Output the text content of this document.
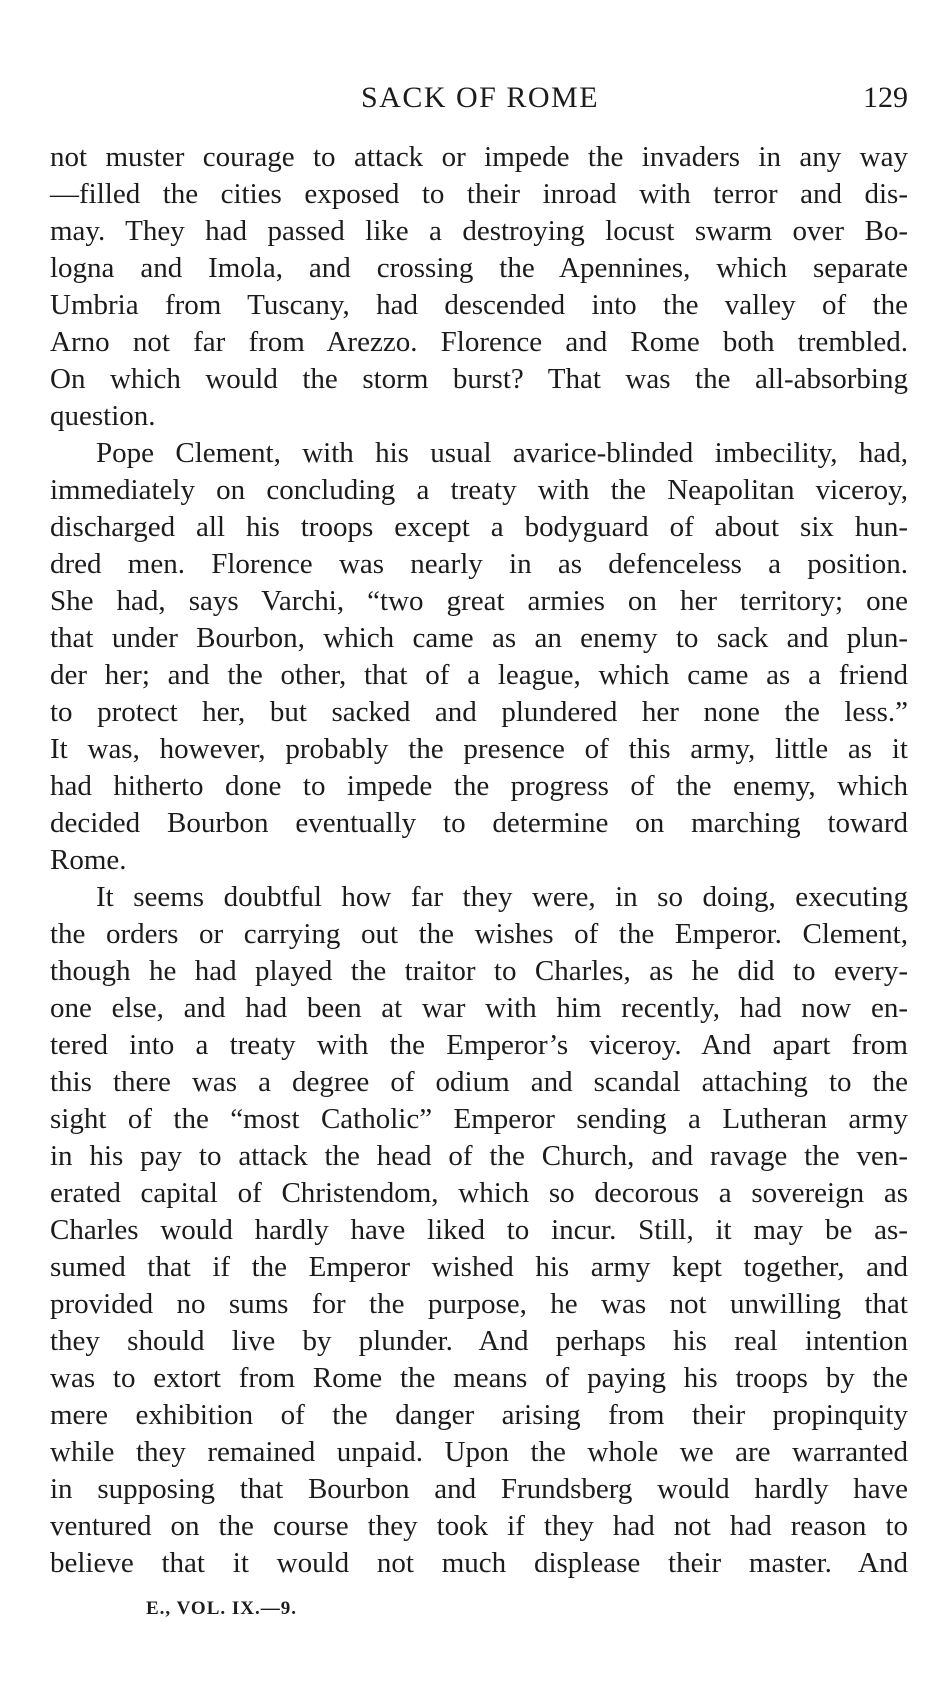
SACK OF ROME	129
not muster courage to attack or impede the invaders in any way
—filled the cities exposed to their inroad with terror and dis-
may. They had passed like a destroying locust swarm over Bo-
logna and Imola, and crossing the Apennines, which separate
Umbria from Tuscany, had descended into the valley of the
Arno not far from Arezzo. Florence and Rome both trembled.
On which would the storm burst? That was the all-absorbing
question.
Pope Clement, with his usual avarice-blinded imbecility, had,
immediately on concluding a treaty with the Neapolitan viceroy,
discharged all his troops except a bodyguard of about six hun-
dred men. Florence was nearly in as defenceless a position.
She had, says Varchi, “two great armies on her territory; one
that under Bourbon, which came as an enemy to sack and plun-
der her; and the other, that of a league, which came as a friend
to protect her, but sacked and plundered her none the less.”
It was, however, probably the presence of this army, little as it
had hitherto done to impede the progress of the enemy, which
decided Bourbon eventually to determine on marching toward
Rome.
It seems doubtful how far they were, in so doing, executing
the orders or carrying out the wishes of the Emperor. Clement,
though he had played the traitor to Charles, as he did to every-
one else, and had been at war with him recently, had now en-
tered into a treaty with the Emperor’s viceroy. And apart from
this there was a degree of odium and scandal attaching to the
sight of the “most Catholic” Emperor sending a Lutheran army
in his pay to attack the head of the Church, and ravage the ven-
erated capital of Christendom, which so decorous a sovereign as
Charles would hardly have liked to incur. Still, it may be as-
sumed that if the Emperor wished his army kept together, and
provided no sums for the purpose, he was not unwilling that
they should live by plunder. And perhaps his real intention
was to extort from Rome the means of paying his troops by the
mere exhibition of the danger arising from their propinquity
while they remained unpaid. Upon the whole we are warranted
in supposing that Bourbon and Frundsberg would hardly have
ventured on the course they took if they had not had reason to
believe that it would not much displease their master. And
E., VOL. IX.—9.
